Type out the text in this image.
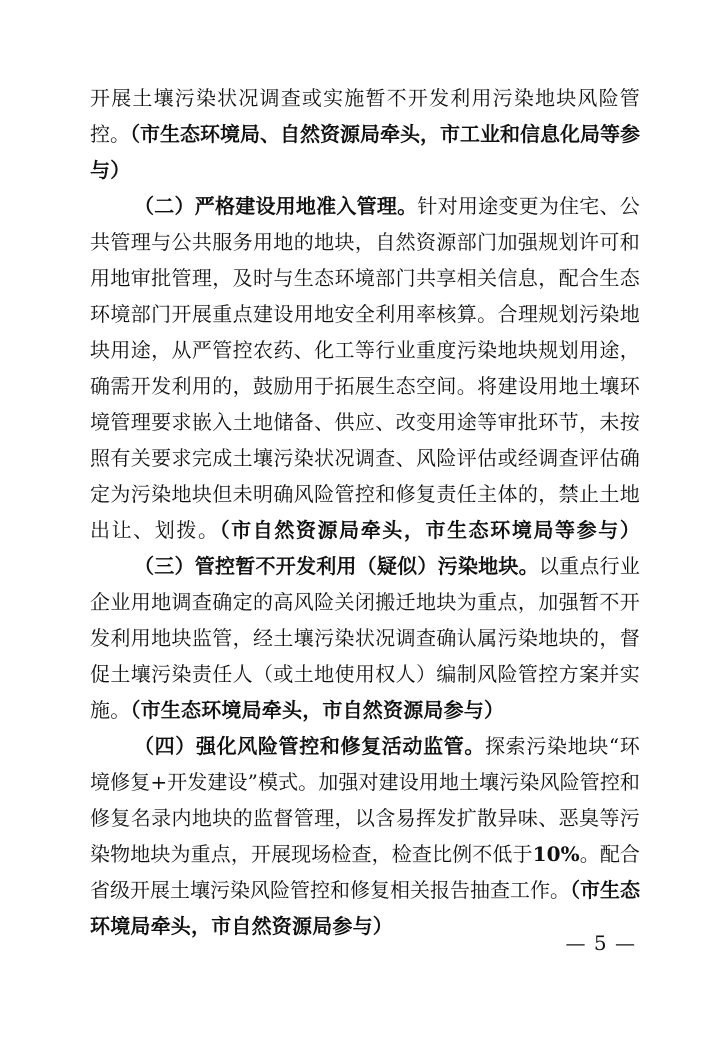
开展土壤污染状况调查或实施暂不开发利用污染地块风险管
控。（市生态环境局、自然资源局牵头，市工业和信息化局等参
与）
（二）严格建设用地准入管理。针对用途变更为住宅、公
共管理与公共服务用地的地块，自然资源部门加强规划许可和
用地审批管理，及时与生态环境部门共享相关信息，配合生态
环境部门开展重点建设用地安全利用率核算。合理规划污染地
块用途，从严管控农药、化工等行业重度污染地块规划用途，
确需开发利用的，鼓励用于拓展生态空间。将建设用地土壤环
境管理要求嵌入土地储备、供应、改变用途等审批环节，未按
照有关要求完成土壤污染状况调查、风险评估或经调查评估确
定为污染地块但未明确风险管控和修复责任主体的，禁止土地
出让、划拨。（市自然资源局牵头，市生态环境局等参与）
（三）管控暂不开发利用（疑似）污染地块。以重点行业
企业用地调查确定的高风险关闭搬迁地块为重点，加强暂不开
发利用地块监管，经土壤污染状况调查确认属污染地块的，督
促土壤污染责任人（或土地使用权人）编制风险管控方案并实
施。（市生态环境局牵头，市自然资源局参与）
（四）强化风险管控和修复活动监管。探索污染地块“环
境修复+开发建设”模式。加强对建设用地土壤污染风险管控和
修复名录内地块的监督管理，以含易挥发扩散异味、恶臭等污
染物地块为重点，开展现场检查，检查比例不低于10%。配合
省级开展土壤污染风险管控和修复相关报告抽查工作。（市生态
环境局牵头，市自然资源局参与）
— 5 —
